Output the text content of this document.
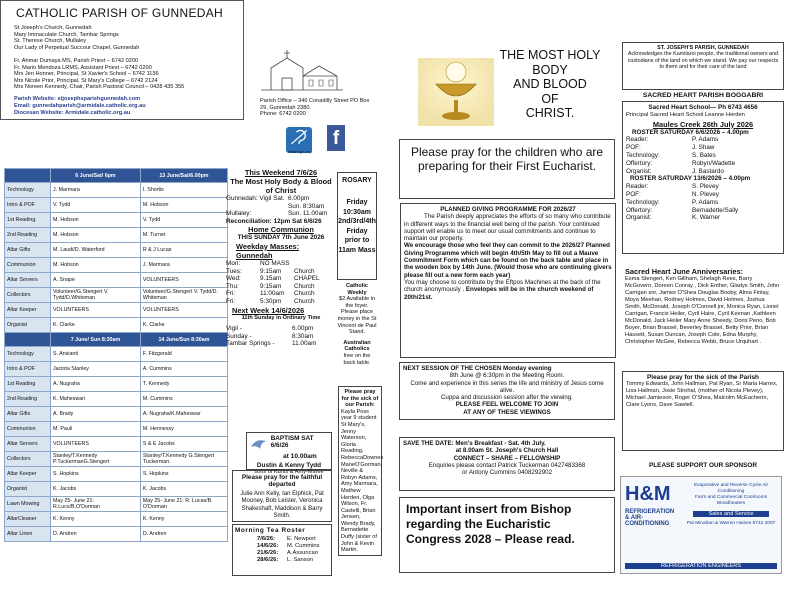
CATHOLIC PARISH OF GUNNEDAH
St Joseph's Church, Gunnedah
Mary Immaculate Church, Tambar Springs
St. Therese Church, Mullaley
Our Lady of Perpetual Succour Chapel, Gunnedah
Fr. Ahmar Dumaya MS, Parish Priest – 6742 0200
Fr. Mario Mendoza LRMS, Assistant Priest – 6742 0200
Mrs Jen Honner, Principal, St Xavier's School – 6742 1136
Mrs Nicole Prior, Principal, St Mary's College – 6742 2124
Mrs Noreen Kennedy, Chair, Parish Pastoral Council – 0428 435 355
Parish Website: stjosephsparishgunnedah.com
Email: gunnedahparish@armidale.catholic.org.au
Diocesan Website: Armidale.catholic.org.au
Parish Office – 346 Conadilly Street PO Box
29, Gunnedah 2380.
Phone: 6742 0200
Hearing Loop
f
	6 June/Sat/ 6pm	13 June/Sat/6.00pm
Technology	J. Marmara	I. Shortis
Intro & POF	V. Tydd	M. Hobson
1st Reading.	M. Hobson	V. Tydd
2nd Reading	M. Hobson	M. Turner
Altar Gifts	M. Laudi/D. Waterford	R & J Lucas
Communion	M. Hobson	J. Marmara
Altar Servers	A. Snape	VOLUNTEERS
Collectors	Volunteer/G.Stengert V. Tydd/D.Whiteman	Volunteer/G.Stengert V. Tydd/D. Whiteman
Altar Keeper	VOLUNTEERS	VOLUNTEERS
Organist	K. Clarke	K. Clarke
	7 June/ Sun 8:30am	14 June/Sun 8:30am
Technology	S. Ansianti	F. Fitzgerald
Intro & POF	Jacinta Stanley	A. Cummins
1st Reading	A. Nugraha	T. Kennedy
2nd Reading	K. Maheswari	M. Cummins
Altar Gifts	A. Brady	A. Nugraha/K.Maheswar
Communion	M. Pauli	M. Hennessy
Altar Servers	VOLUNTEERS	S & E Jacobs
Collectors	Stanley/T.Kennedy P.TuckermanG.Stengert	Stanley/T.Kennedy G.Stengert Tuckerman.
Altar Keeper	S. Hopkins	S. Hopkins
Organist	K. Jacobs	K. Jacobs
Lawn Mowing	May 25- June 21: R.Lucs/B.O'Dorman	May 25- June 21: R. Lucas/B. O'Dorman
AltarCleaner	K. Kenny	K. Kenny
Altar Linen	D. Andren	D. Andren
This Weekend 7/6/26
The Most Holy Body & Blood of Christ
Gunnedah: Vigil Sat. 6.00pm
Sun. 8:30am
Mullaley:	Sun. 11.00am
Reconciliation: 12pm Sat 6/6/26
Home Communion
THIS SUNDAY 7th June 2026
Weekday Masses: Gunnedah
Mon:	NO MASS
Tues:	9:15am	Church
Wed:	9.15am	CHAPEL
Thu:	9:15am	Church
Fri:	11:00am	Church
Fri:	5:30pm	Church
Next Week 14/6/2026
11th Sunday in Ordinary Time
Vigil -	6.00pm
Sunday -	8:30am
Tambar Springs -	11.00am
ROSARY
Friday
10:30am
2nd/3rd/4th
Friday
prior to
11am Mass
Catholic Weekly
$2 Available in the foyer. Please place money in the St Vincent de Paul Stand.
Australian Catholics
free on the back table.
BAPTISM SAT 6/6/26
at 10.00am
Dustin & Kenny Tydd
sons of Kurtis & Amy-Maree
Please pray for the faithful departed
Julie Ann Kelly, Ian Elphick, Pat Mooney, Bob Leister, Veronica Shakeshaft, Maddison & Barry Smith.
Please pray for the sick of our Parish:
Kayla Poss year 9 student St Mary's, Jenny Waterson, Gloria Reading, RebeccaDownes ManeO'Gorman, Neville & Robyn Adams, Amy Marmara, Mathew Herden, Olga Wilson, Fr. Castelli, Brian Jensen, Wendy Brady, Bernadette Duffy (sister of John & Kevin Martin.
Morning Tea Roster
7/6/26:	E. Newport
14/6/26:	M. Cummins
21/6/26:	A.Assuncao
28/6/26:	L. Sanson
THE MOST HOLY
BODY
AND BLOOD
OF
CHRIST.
Please pray for the children who are preparing for their First Eucharist.
PLANNED GIVING PROGRAMME FOR 2026/27
The Parish deeply appreciates the efforts of so many who contribute in different ways to the financial well being of the parish. Your continued support will enable us to meet our usual commitments and continue to maintain our property.
We encourage those who feel they can commit to the 2026/27 Planned Giving Programme which will begin 4th/5th May to fill out a Mauve Commitment Form which can be found on the back table and place in the wooden box by 14th June. (Would those who are continuing givers please fill out a new form each year)
You may choose to contribute by the Eftpos Machines at the back of the church anonymously . Envelopes will be in the church weekend of 20th/21st.
NEXT SESSION OF THE CHOSEN Monday evening
8th June @ 6:30pm in the Meeting Room.
Come and experience in this series the life and ministry of Jesus come alive.
Cuppa and discussion session after the viewing.
PLEASE FEEL WELCOME TO JOIN
AT ANY OF THESE VIEWINGS
SAVE THE DATE: Men's Breakfast - Sat. 4th July.
at 8.00am St. Joseph's Church Hall
CONNECT – SHARE – FELLOWSHIP
Enquiries please contact Patrick Tuckerman 0427483368
or Antony Cummins 0408292902
Important insert from Bishop regarding the Eucharistic Congress 2028 – Please read.
ST. JOSEPH'S PARISH, GUNNEDAH
Acknowledges the Kamilaroi people, the traditional owners and custodians of the land on which we stand. We pay our respects to them and for their care of the land
SACRED HEART PARISH BOGGABRI
Sacred Heart School— Ph 6743 4656
Principal Sacred Heart School Leanne Herden
Maules Creek 26th July 2026
ROSTER SATURDAY 6/6/2026 – 4.00pm
Reader:	P. Adams
POF:	J. Shaw
Technology:	S. Bates
Offertory:	Robyn/Wadette
Organist:	J. Bastardo
ROSTER SATURDAY 13/6/2026 – 4.00pm
Reader:	S. Plevey
POF:	N. Plevey
Technology:	P. Adams
Offertory:	Bernadette/Sally
Organist:	K. Warner
Sacred Heart June Anniversaries:
Esma Stengert, Ken Gillham, Shelagh Rees, Barry McGovern, Doreen Conray , Dick Enther, Gladys Smith, John Carrigan snr, James O'Shea Douglas Booby, Alma Finlay, Moya Meehan, Rodney Holmes, David Holmes, Joshua Smith, McDonald, Joseph O'Connell jnr, Monica Ryan, Lionel Carrigan, Francis Heiler, Cyril Haire, Cyril Keenan ,Kathleen McDonald, Jack Heiler Mary Anne Sheedy, Doris Peno, Bob Boyer, Brian Brassel, Beverley Brassel, Betty Prior, Brian Hassett, Susan Duncan, Joseph Cole, Edna Murphy, Christopher McGee, Rebecca Webb, Bruce Urquhart .
Please pray for the sick of the Parish
Tommy Edwards, John Hallman, Pat Ryan, Sr Maria Harrex, Lisa Hallman, Josie Strohal, (mother of Nicola Plevey), Michael Jamieson, Roger O'Shea, Malcolm McEacherin, Clare Lyons, Dave Sawtell.
PLEASE SUPPORT OUR SPONSOR
H&M
REFRIGERATION
& AIR-CONDITIONING
Evaporative and Reverse Cycle Air Conditioning
Farm and Commercial Coolrooms
Woodheaters
Sales and Service
Pat Minahan & Warren Haines 6742 2007
REFRIGERATION ENGINEERS
